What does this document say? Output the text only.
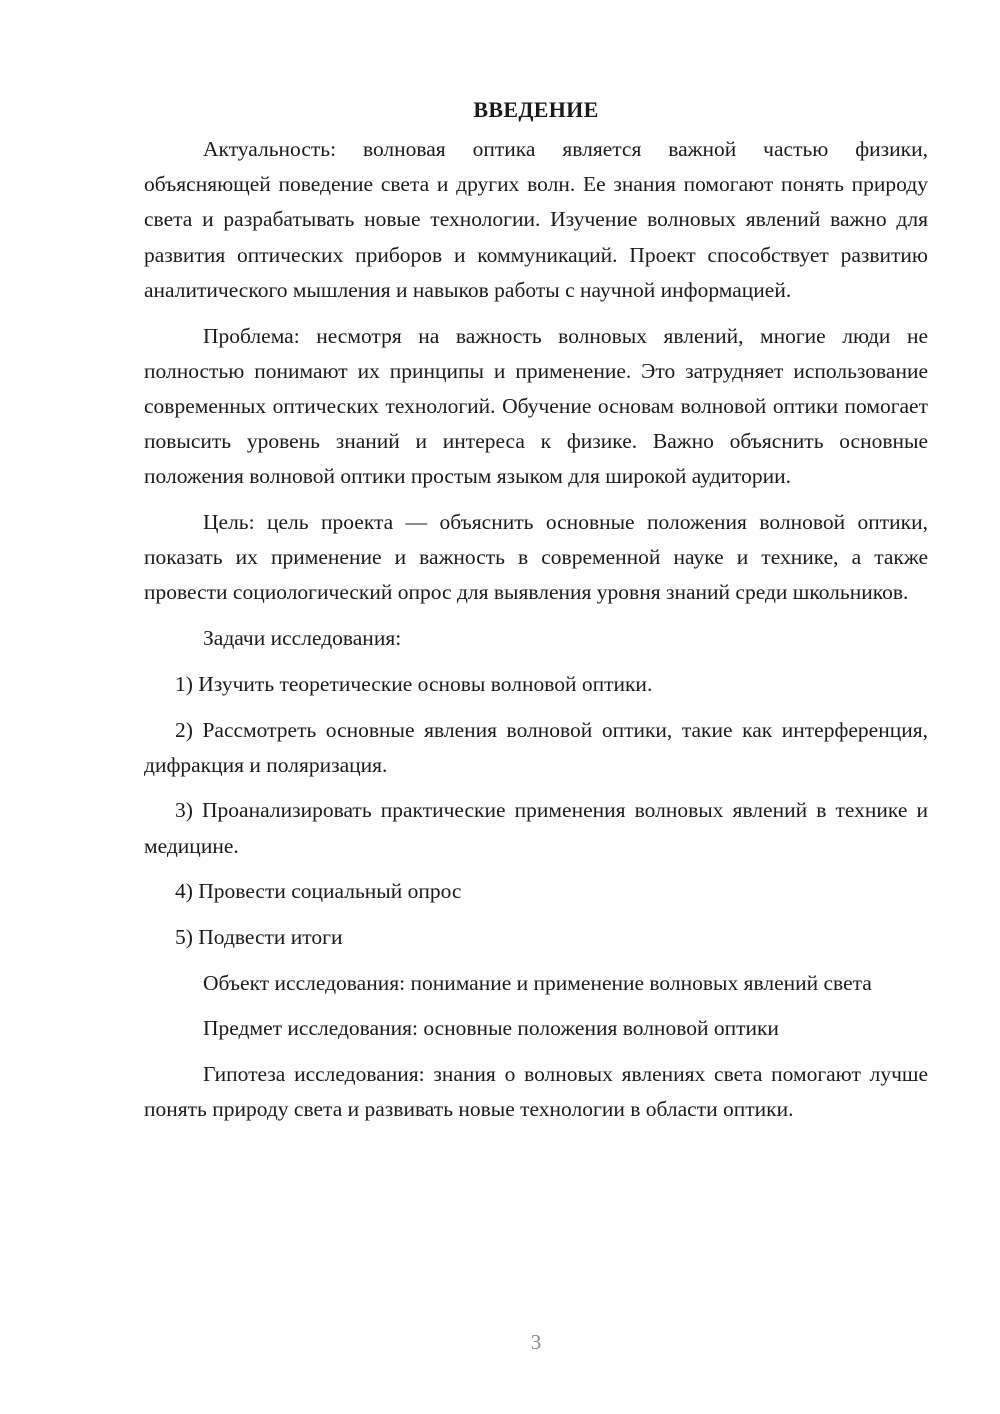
ВВЕДЕНИЕ

Актуальность: волновая оптика является важной частью физики, объясняющей поведение света и других волн. Ее знания помогают понять природу света и разрабатывать новые технологии. Изучение волновых явлений важно для развития оптических приборов и коммуникаций. Проект способствует развитию аналитического мышления и навыков работы с научной информацией.

Проблема: несмотря на важность волновых явлений, многие люди не полностью понимают их принципы и применение. Это затрудняет использование современных оптических технологий. Обучение основам волновой оптики помогает повысить уровень знаний и интереса к физике. Важно объяснить основные положения волновой оптики простым языком для широкой аудитории.

Цель: цель проекта — объяснить основные положения волновой оптики, показать их применение и важность в современной науке и технике, а также провести социологический опрос для выявления уровня знаний среди школьников.

Задачи исследования:

1) Изучить теоретические основы волновой оптики.

2) Рассмотреть основные явления волновой оптики, такие как интерференция, дифракция и поляризация.

3) Проанализировать практические применения волновых явлений в технике и медицине.

4) Провести социальный опрос

5) Подвести итоги

Объект исследования: понимание и применение волновых явлений света

Предмет исследования: основные положения волновой оптики

Гипотеза исследования: знания о волновых явлениях света помогают лучше понять природу света и развивать новые технологии в области оптики.

3
